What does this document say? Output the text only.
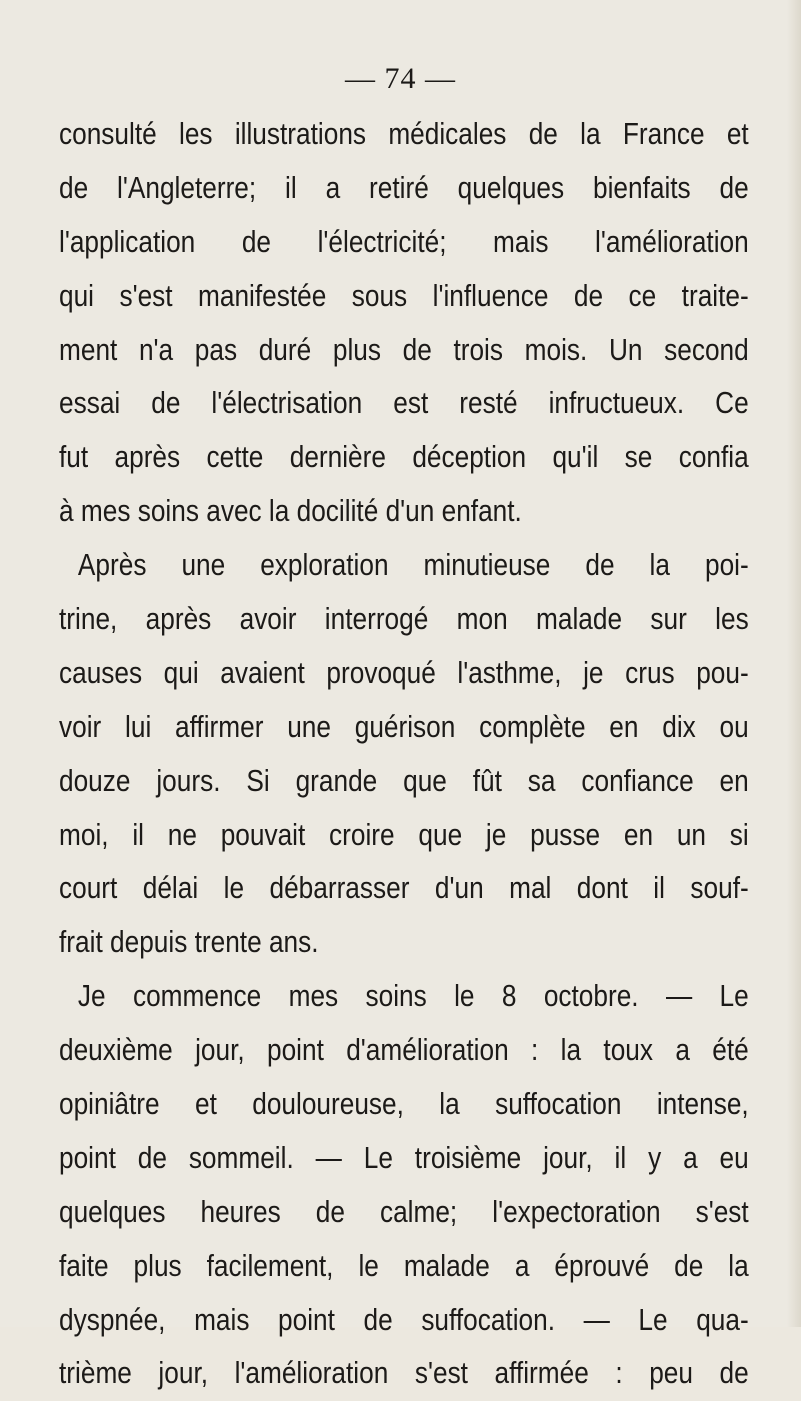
— 74 —
consulté les illustrations médicales de la France et
de l'Angleterre; il a retiré quelques bienfaits de
l'application de l'électricité; mais l'amélioration
qui s'est manifestée sous l'influence de ce traite-
ment n'a pas duré plus de trois mois. Un second
essai de l'électrisation est resté infructueux. Ce
fut après cette dernière déception qu'il se confia
à mes soins avec la docilité d'un enfant.
Après une exploration minutieuse de la poi-
trine, après avoir interrogé mon malade sur les
causes qui avaient provoqué l'asthme, je crus pou-
voir lui affirmer une guérison complète en dix ou
douze jours. Si grande que fût sa confiance en
moi, il ne pouvait croire que je pusse en un si
court délai le débarrasser d'un mal dont il souf-
frait depuis trente ans.
Je commence mes soins le 8 octobre. — Le
deuxième jour, point d'amélioration : la toux a été
opiniâtre et douloureuse, la suffocation intense,
point de sommeil. — Le troisième jour, il y a eu
quelques heures de calme; l'expectoration s'est
faite plus facilement, le malade a éprouvé de la
dyspnée, mais point de suffocation. — Le qua-
trième jour, l'amélioration s'est affirmée : peu de
